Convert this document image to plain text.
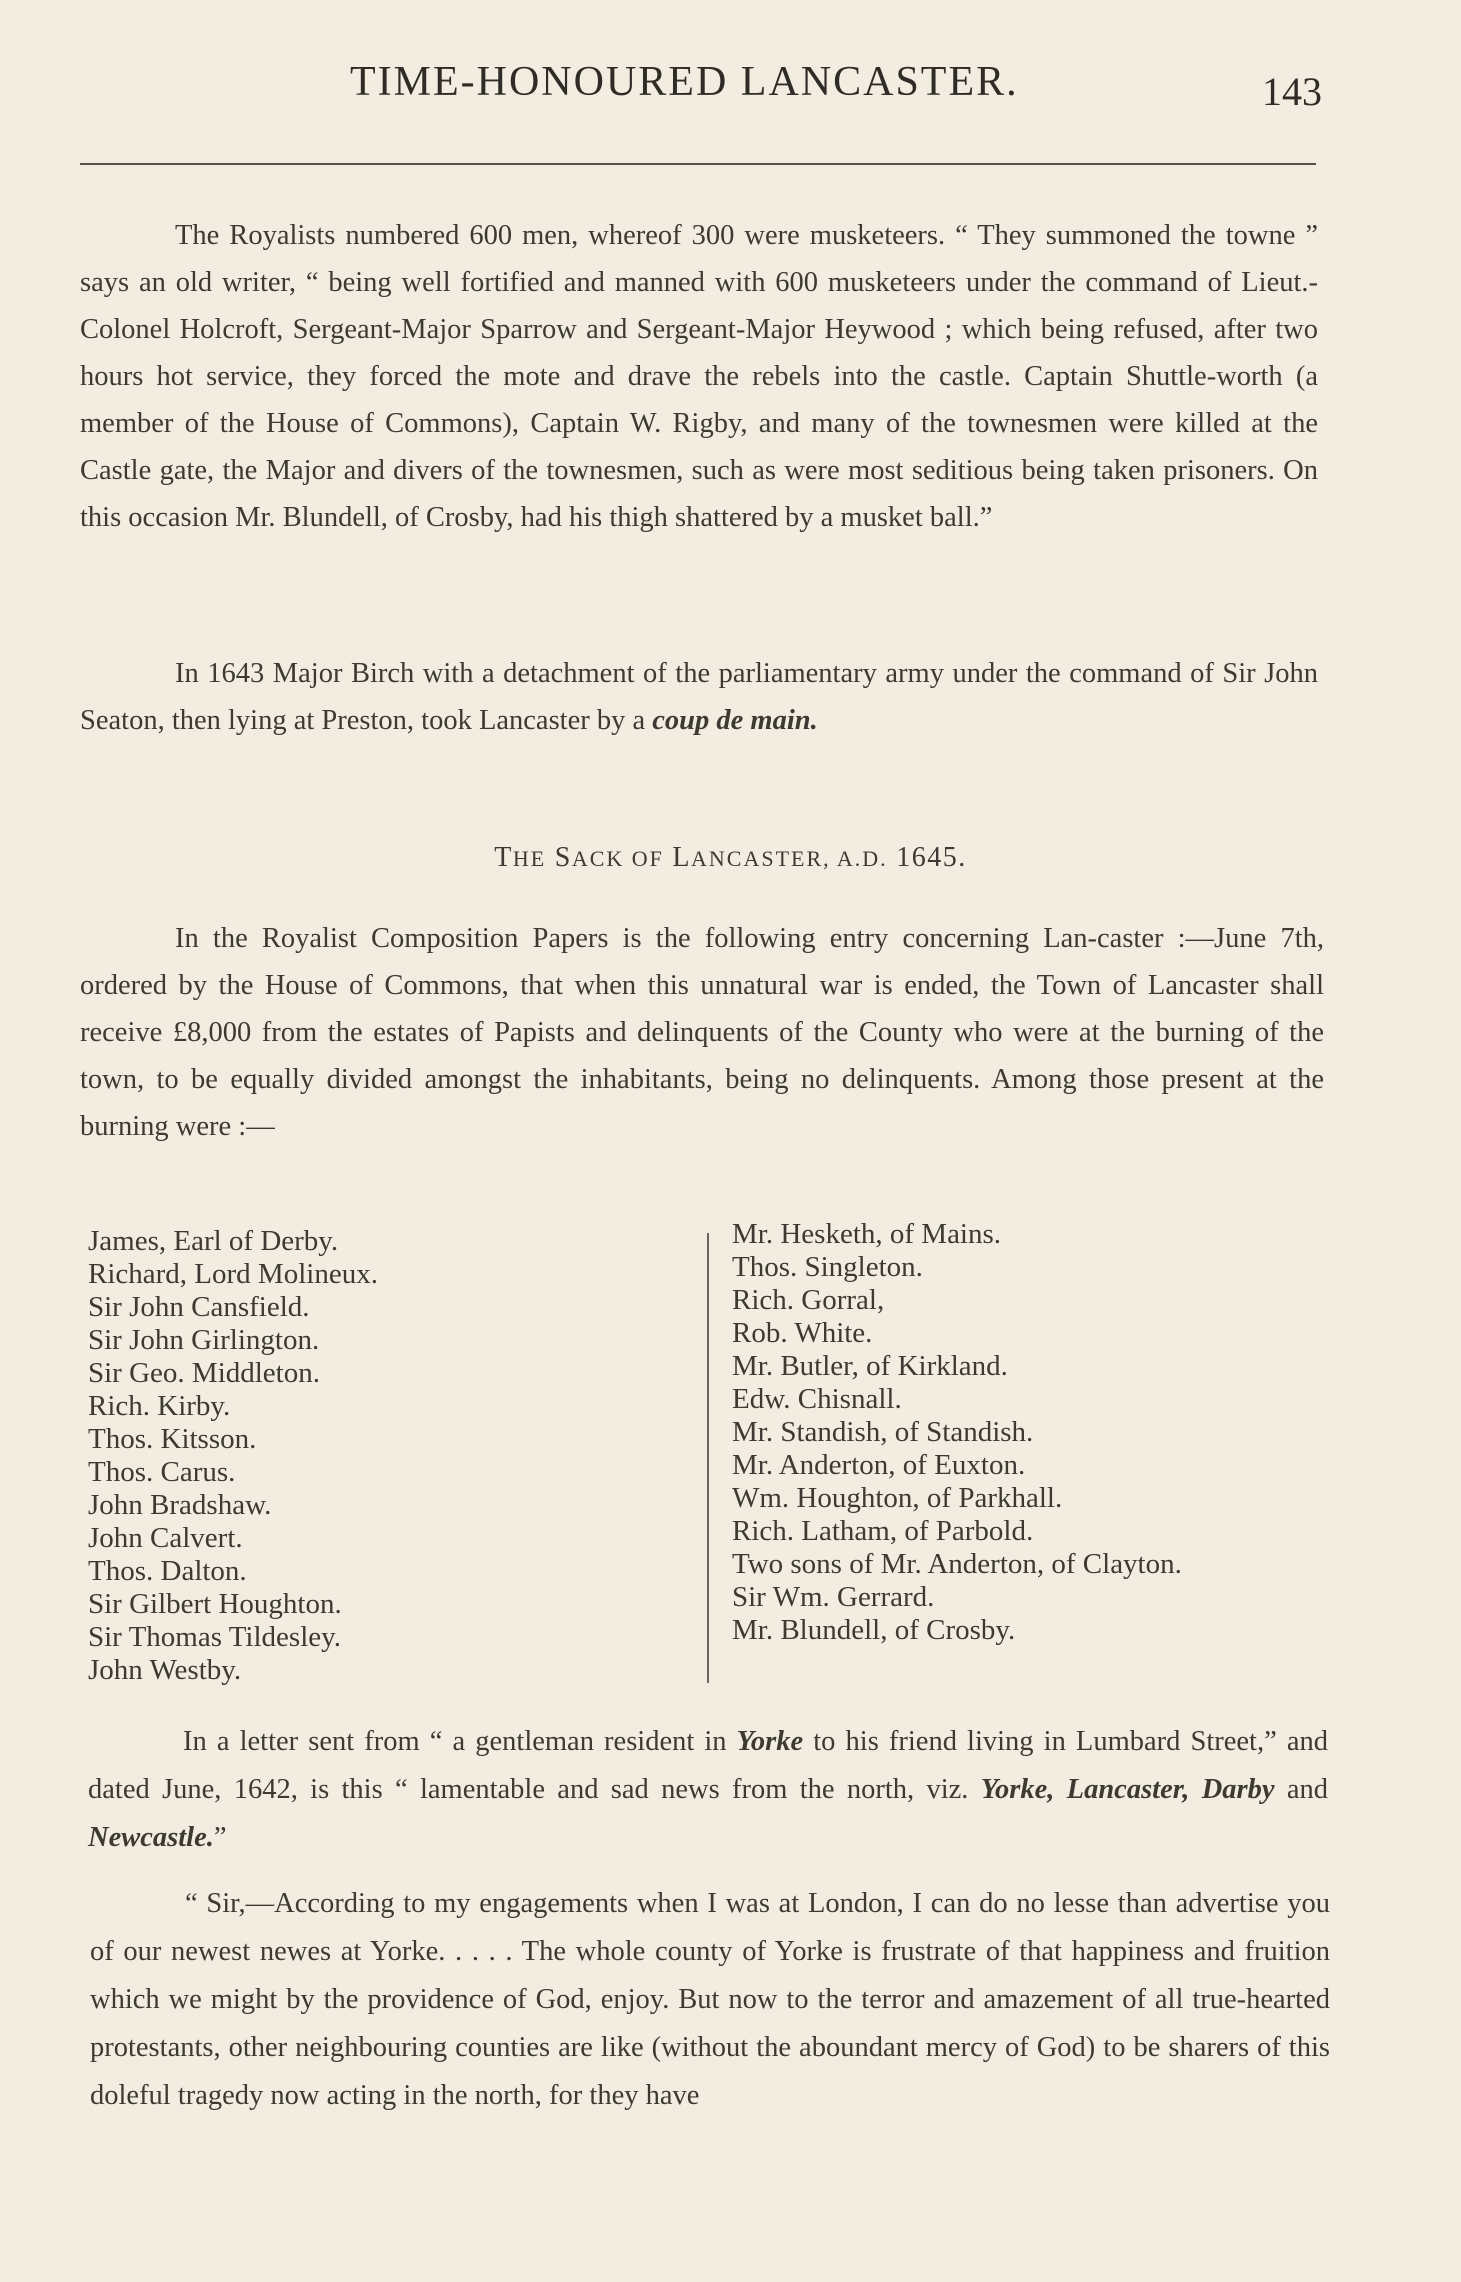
TIME-HONOURED LANCASTER.	143

The Royalists numbered 600 men, whereof 300 were musketeers. “ They summoned the towne ” says an old writer, “ being well fortified and manned with 600 musketeers under the command of Lieut.-Colonel Holcroft, Sergeant-Major Sparrow and Sergeant-Major Heywood ; which being refused, after two hours hot service, they forced the mote and drave the rebels into the castle. Captain Shuttle-worth (a member of the House of Commons), Captain W. Rigby, and many of the townesmen were killed at the Castle gate, the Major and divers of the townesmen, such as were most seditious being taken prisoners. On this occasion Mr. Blundell, of Crosby, had his thigh shattered by a musket ball.”

In 1643 Major Birch with a detachment of the parliamentary army under the command of Sir John Seaton, then lying at Preston, took Lancaster by a coup de main.

THE SACK OF LANCASTER, A.D. 1645.

In the Royalist Composition Papers is the following entry concerning Lan-caster :—June 7th, ordered by the House of Commons, that when this unnatural war is ended, the Town of Lancaster shall receive £8,000 from the estates of Papists and delinquents of the County who were at the burning of the town, to be equally divided amongst the inhabitants, being no delinquents. Among those present at the burning were :—

James, Earl of Derby.
Richard, Lord Molineux.
Sir John Cansfield.
Sir John Girlington.
Sir Geo. Middleton.
Rich. Kirby.
Thos. Kitsson.
Thos. Carus.
John Bradshaw.
John Calvert.
Thos. Dalton.
Sir Gilbert Houghton.
Sir Thomas Tildesley.
John Westby.
Mr. Hesketh, of Mains.
Thos. Singleton.
Rich. Gorral,
Rob. White.
Mr. Butler, of Kirkland.
Edw. Chisnall.
Mr. Standish, of Standish.
Mr. Anderton, of Euxton.
Wm. Houghton, of Parkhall.
Rich. Latham, of Parbold.
Two sons of Mr. Anderton, of Clayton.
Sir Wm. Gerrard.
Mr. Blundell, of Crosby.

In a letter sent from “ a gentleman resident in Yorke to his friend living in Lumbard Street,” and dated June, 1642, is this “ lamentable and sad news from the north, viz. Yorke, Lancaster, Darby and Newcastle.”

“ Sir,—According to my engagements when I was at London, I can do no lesse than advertise you of our newest newes at Yorke. . . . . The whole county of Yorke is frustrate of that happiness and fruition which we might by the providence of God, enjoy. But now to the terror and amazement of all true-hearted protestants, other neighbouring counties are like (without the aboundant mercy of God) to be sharers of this doleful tragedy now acting in the north, for they have
